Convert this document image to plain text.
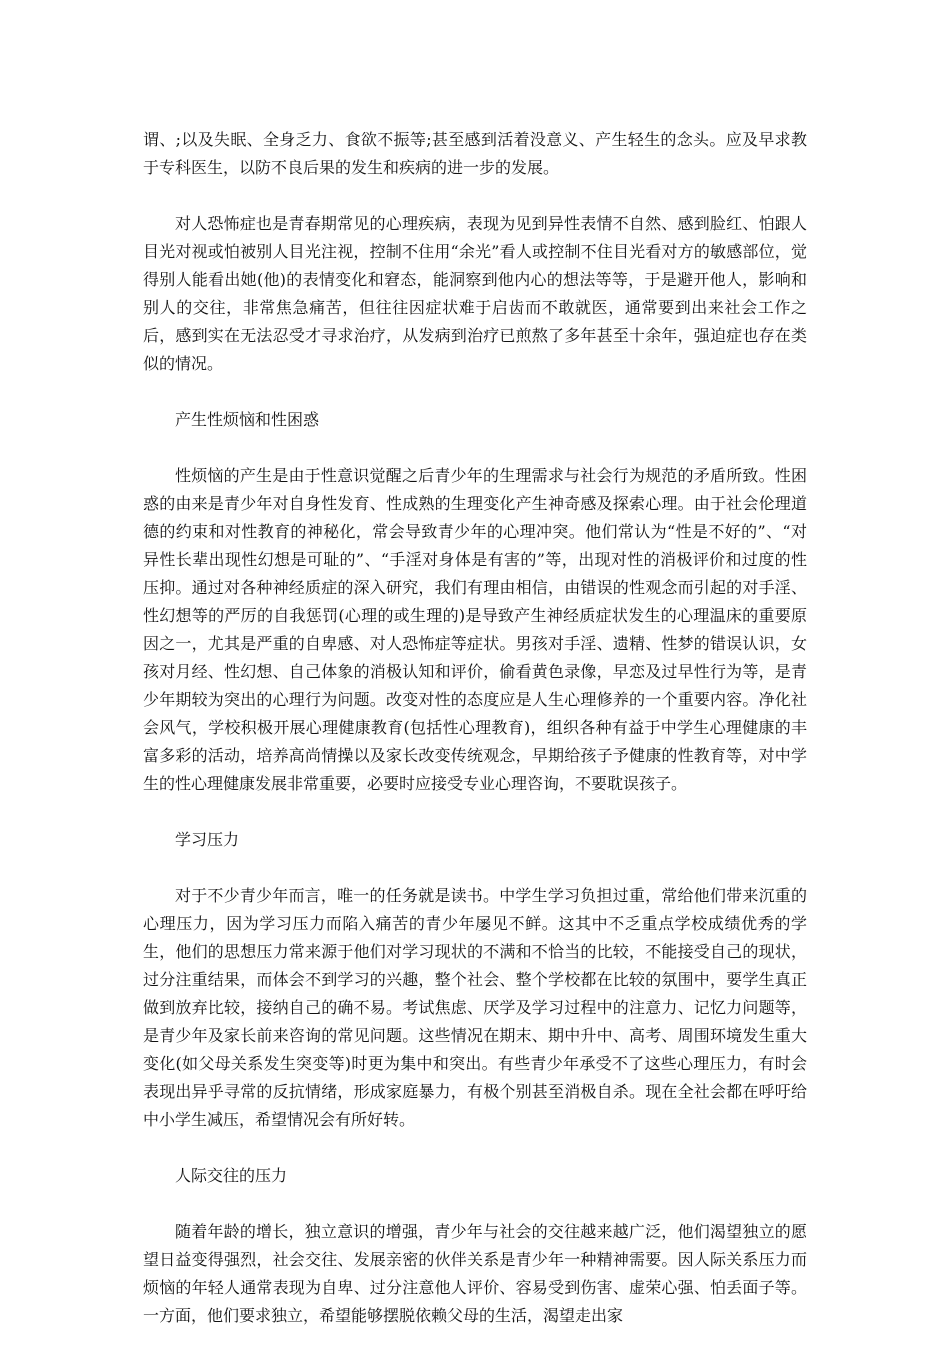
谓、;以及失眠、全身乏力、食欲不振等;甚至感到活着没意义、产生轻生的念头。应及早求教于专科医生，以防不良后果的发生和疾病的进一步的发展。

对人恐怖症也是青春期常见的心理疾病，表现为见到异性表情不自然、感到脸红、怕跟人目光对视或怕被别人目光注视，控制不住用“余光”看人或控制不住目光看对方的敏感部位，觉得别人能看出她(他)的表情变化和窘态，能洞察到他内心的想法等等，于是避开他人，影响和别人的交往，非常焦急痛苦，但往往因症状难于启齿而不敢就医，通常要到出来社会工作之后，感到实在无法忍受才寻求治疗，从发病到治疗已煎熬了多年甚至十余年，强迫症也存在类似的情况。

产生性烦恼和性困惑

性烦恼的产生是由于性意识觉醒之后青少年的生理需求与社会行为规范的矛盾所致。性困惑的由来是青少年对自身性发育、性成熟的生理变化产生神奇感及探索心理。由于社会伦理道德的约束和对性教育的神秘化，常会导致青少年的心理冲突。他们常认为“性是不好的”、“对异性长辈出现性幻想是可耻的”、“手淫对身体是有害的”等，出现对性的消极评价和过度的性压抑。通过对各种神经质症的深入研究，我们有理由相信，由错误的性观念而引起的对手淫、性幻想等的严厉的自我惩罚(心理的或生理的)是导致产生神经质症状发生的心理温床的重要原因之一，尤其是严重的自卑感、对人恐怖症等症状。男孩对手淫、遗精、性梦的错误认识，女孩对月经、性幻想、自己体象的消极认知和评价，偷看黄色录像，早恋及过早性行为等，是青少年期较为突出的心理行为问题。改变对性的态度应是人生心理修养的一个重要内容。净化社会风气，学校积极开展心理健康教育(包括性心理教育)，组织各种有益于中学生心理健康的丰富多彩的活动，培养高尚情操以及家长改变传统观念，早期给孩子予健康的性教育等，对中学生的性心理健康发展非常重要，必要时应接受专业心理咨询，不要耽误孩子。

学习压力

对于不少青少年而言，唯一的任务就是读书。中学生学习负担过重，常给他们带来沉重的心理压力，因为学习压力而陷入痛苦的青少年屡见不鲜。这其中不乏重点学校成绩优秀的学生，他们的思想压力常来源于他们对学习现状的不满和不恰当的比较，不能接受自己的现状，过分注重结果，而体会不到学习的兴趣，整个社会、整个学校都在比较的氛围中，要学生真正做到放弃比较，接纳自己的确不易。考试焦虑、厌学及学习过程中的注意力、记忆力问题等，是青少年及家长前来咨询的常见问题。这些情况在期末、期中升中、高考、周围环境发生重大变化(如父母关系发生突变等)时更为集中和突出。有些青少年承受不了这些心理压力，有时会表现出异乎寻常的反抗情绪，形成家庭暴力，有极个别甚至消极自杀。现在全社会都在呼吁给中小学生减压，希望情况会有所好转。

人际交往的压力

随着年龄的增长，独立意识的增强，青少年与社会的交往越来越广泛，他们渴望独立的愿望日益变得强烈，社会交往、发展亲密的伙伴关系是青少年一种精神需要。因人际关系压力而烦恼的年轻人通常表现为自卑、过分注意他人评价、容易受到伤害、虚荣心强、怕丢面子等。一方面，他们要求独立，希望能够摆脱依赖父母的生活，渴望走出家
